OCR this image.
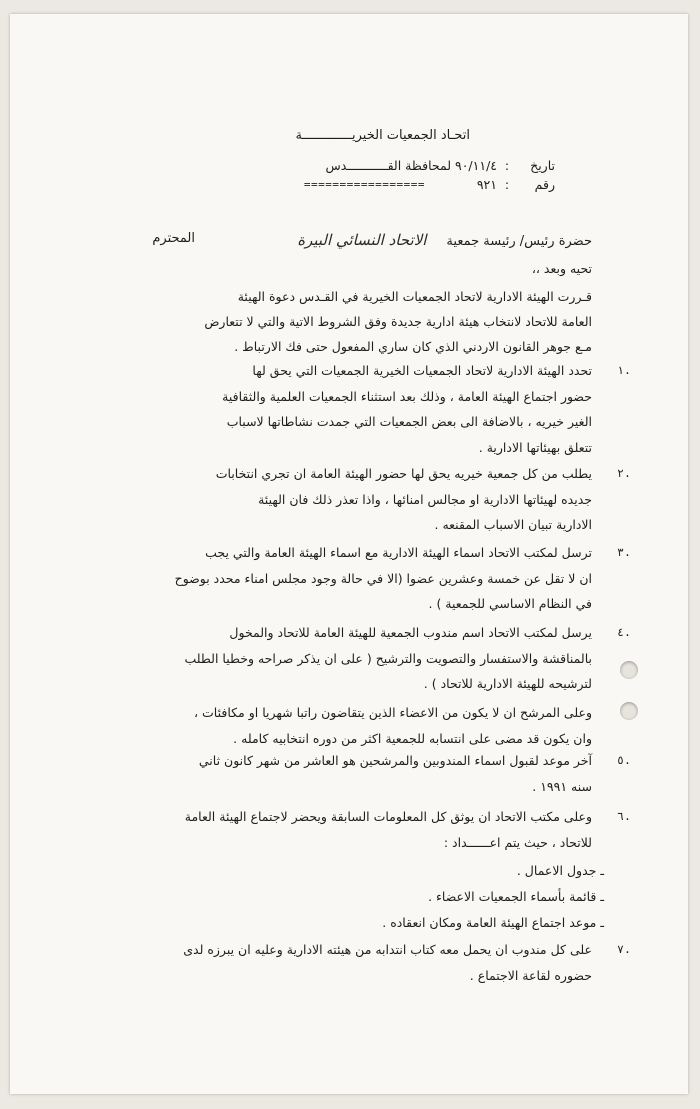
اتحـاد الجمعيات الخيريـــــــــــــة
تاريخ:٩٠/١١/٤ لمحافظة القـــــــــــدس
رقم:٩٢١
=================
حضرة رئيس/ رئيسة جمعيةالاتحاد النسائي البيرة
المحترم
تحيه وبعد ،،
قـررت الهيئة الادارية لاتحاد الجمعيات الخيرية في القـدس دعوة الهيئة
العامة للاتحاد لانتخاب هيئة ادارية جديدة وفق الشروط الاتية والتي لا تتعارض
مـع جوهر القانون الاردني الذي كان ساري المفعول حتى فك الارتباط .
١.
تحدد الهيئة الادارية لاتحاد الجمعيات الخيرية الجمعيات التي يحق لها
حضور اجتماع الهيئة العامة ، وذلك بعد استثناء الجمعيات العلمية والثقافية
الغير خيريه ، بالاضافة الى بعض الجمعيات التي جمدت نشاطاتها لاسباب
تتعلق بهيئاتها الادارية .
٢.
يطلب من كل جمعية خيريه يحق لها حضور الهيئة العامة ان تجري انتخابات
جديده لهيئاتها الادارية او مجالس امنائها ، واذا تعذر ذلك فان الهيئة
الادارية تبيان الاسباب المقنعه .
٣.
ترسل لمكتب الاتحاد اسماء الهيئة الادارية مع اسماء الهيئة العامة والتي يجب
ان لا تقل عن خمسة وعشرين عضوا (الا في حالة وجود مجلس امناء محدد بوضوح
في النظام الاساسي للجمعية ) .
٤.
يرسل لمكتب الاتحاد اسم مندوب الجمعية للهيئة العامة للاتحاد والمخول
بالمناقشة والاستفسار والتصويت والترشيح ( على ان يذكر صراحه وخطيا الطلب
لترشيحه للهيئة الادارية للاتحاد ) .
وعلى المرشح ان لا يكون من الاعضاء الذين يتقاضون راتبا شهريا او مكافئات ،
وان يكون قد مضى على انتسابه للجمعية اكثر من دوره انتخابيه كامله .
٥.
آخر موعد لقبول اسماء المندوبين والمرشحين هو العاشر من شهر كانون ثاني
سنه ١٩٩١ .
٦.
وعلى مكتب الاتحاد ان يوثق كل المعلومات السابقة ويحضر لاجتماع الهيئة العامة
للاتحاد ، حيث يتم اعــــــداد :
ـ جدول الاعمال .
ـ قائمة بأسماء الجمعيات الاعضاء .
ـ موعد اجتماع الهيئة العامة ومكان انعقاده .
٧.
على كل مندوب ان يحمل معه كتاب انتدابه من هيئته الادارية وعليه ان يبرزه لدى
حضوره لقاعة الاجتماع .
